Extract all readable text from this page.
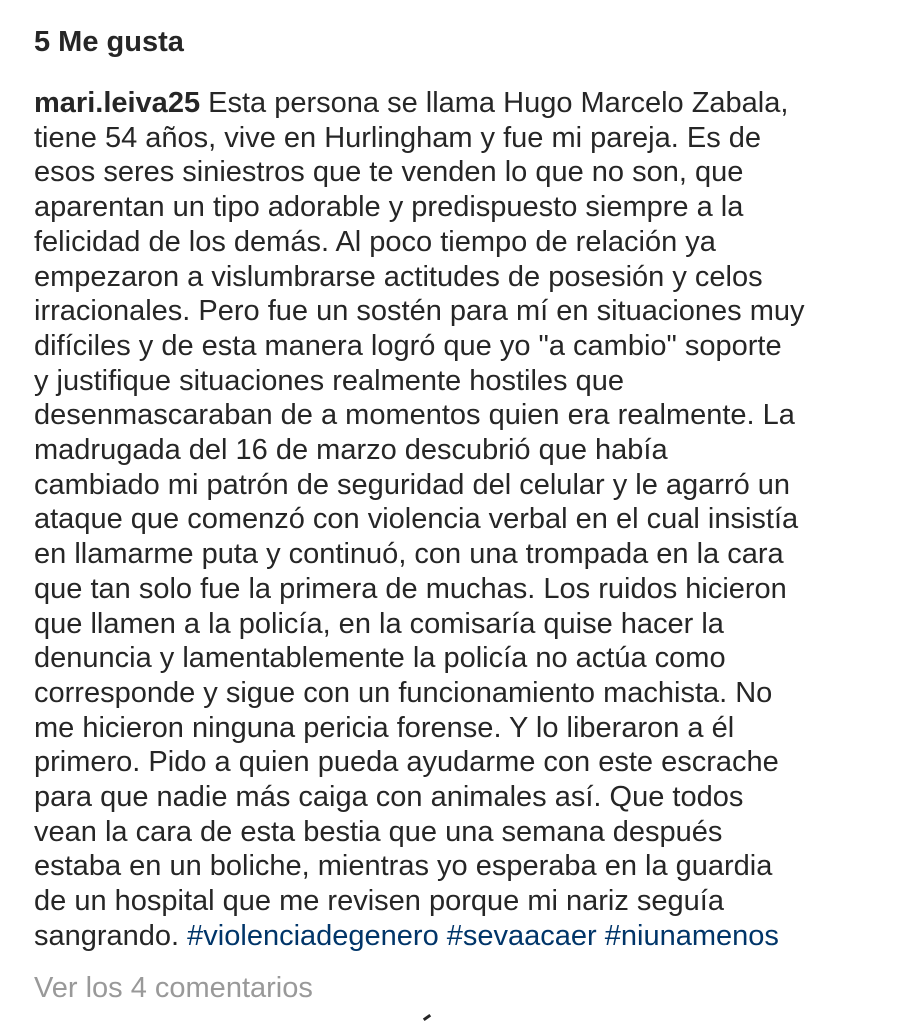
5 Me gusta
mari.leiva25 Esta persona se llama Hugo Marcelo Zabala,
tiene 54 años, vive en Hurlingham y fue mi pareja. Es de
esos seres siniestros que te venden lo que no son, que
aparentan un tipo adorable y predispuesto siempre a la
felicidad de los demás. Al poco tiempo de relación ya
empezaron a vislumbrarse actitudes de posesión y celos
irracionales. Pero fue un sostén para mí en situaciones muy
difíciles y de esta manera logró que yo "a cambio" soporte
y justifique situaciones realmente hostiles que
desenmascaraban de a momentos quien era realmente. La
madrugada del 16 de marzo descubrió que había
cambiado mi patrón de seguridad del celular y le agarró un
ataque que comenzó con violencia verbal en el cual insistía
en llamarme puta y continuó, con una trompada en la cara
que tan solo fue la primera de muchas. Los ruidos hicieron
que llamen a la policía, en la comisaría quise hacer la
denuncia y lamentablemente la policía no actúa como
corresponde y sigue con un funcionamiento machista. No
me hicieron ninguna pericia forense. Y lo liberaron a él
primero. Pido a quien pueda ayudarme con este escrache
para que nadie más caiga con animales así. Que todos
vean la cara de esta bestia que una semana después
estaba en un boliche, mientras yo esperaba en la guardia
de un hospital que me revisen porque mi nariz seguía
sangrando. #violenciadegenero #sevaacaer #niunamenos
Ver los 4 comentarios
